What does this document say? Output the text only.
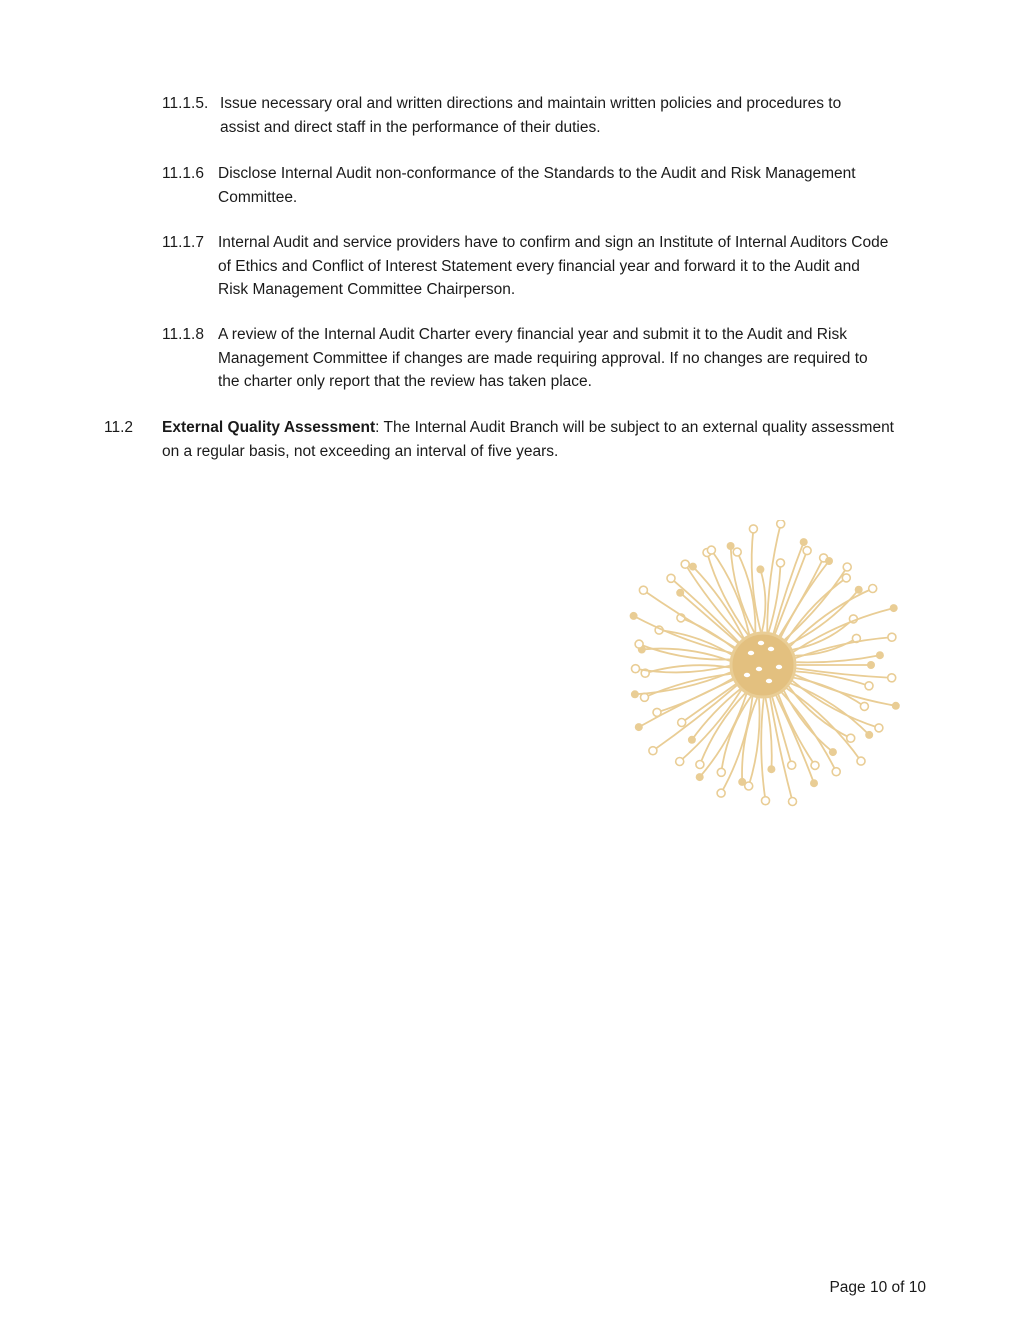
11.1.5. Issue necessary oral and written directions and maintain written policies and procedures to assist and direct staff in the performance of their duties.
11.1.6 Disclose Internal Audit non-conformance of the Standards to the Audit and Risk Management Committee.
11.1.7 Internal Audit and service providers have to confirm and sign an Institute of Internal Auditors Code of Ethics and Conflict of Interest Statement every financial year and forward it to the Audit and Risk Management Committee Chairperson.
11.1.8 A review of the Internal Audit Charter every financial year and submit it to the Audit and Risk Management Committee if changes are made requiring approval. If no changes are required to the charter only report that the review has taken place.
11.2 External Quality Assessment: The Internal Audit Branch will be subject to an external quality assessment on a regular basis, not exceeding an interval of five years.
Page 10 of 10
